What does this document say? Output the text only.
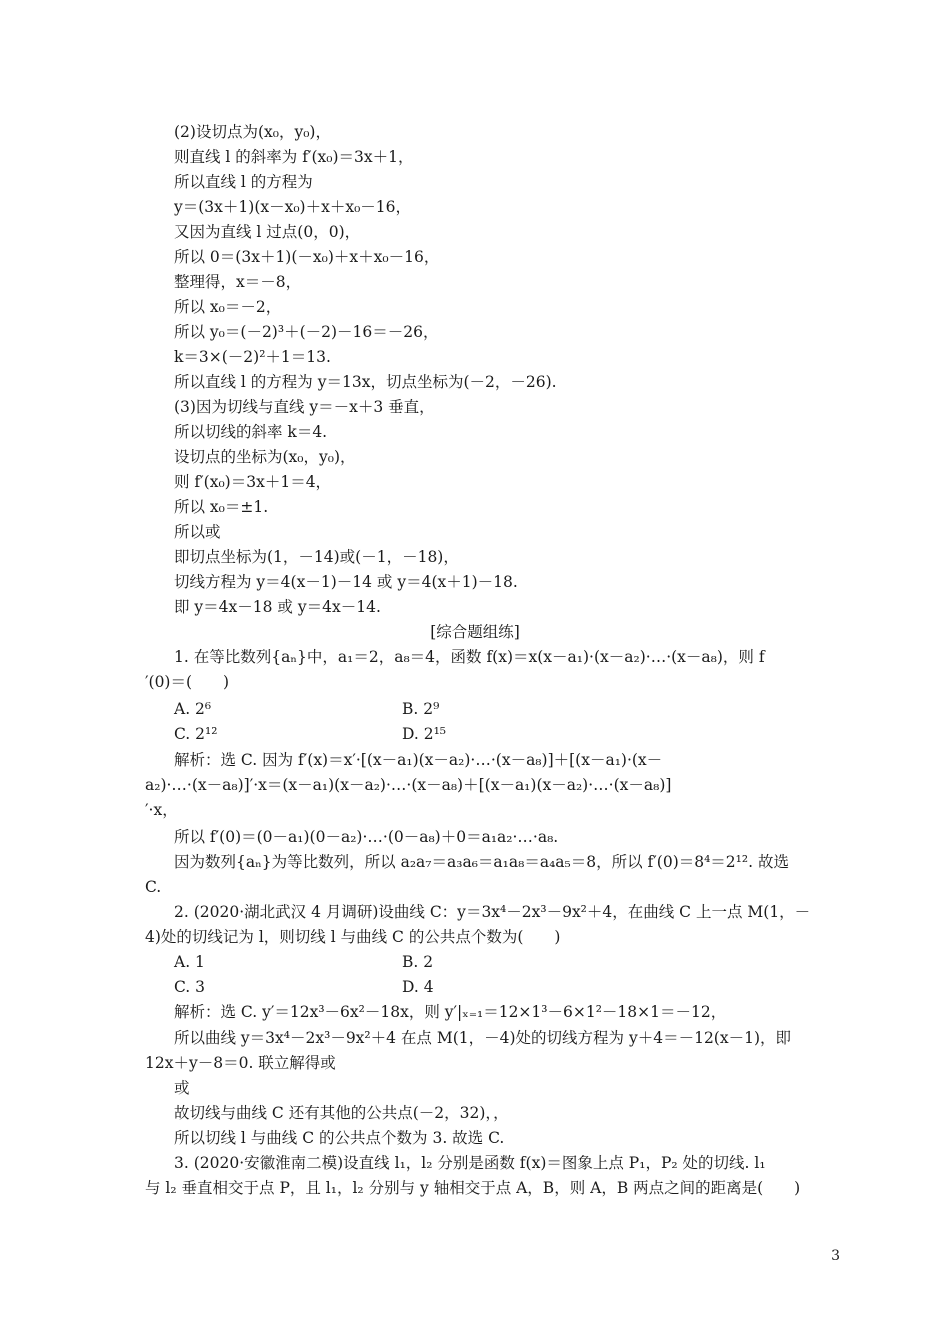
(2)设切点为(x₀，y₀)，
则直线 l 的斜率为 f′(x₀)＝3x＋1，
所以直线 l 的方程为
y＝(3x＋1)(x－x₀)＋x＋x₀－16，
又因为直线 l 过点(0，0)，
所以 0＝(3x＋1)(－x₀)＋x＋x₀－16，
整理得，x＝－8，
所以 x₀＝－2，
所以 y₀＝(－2)³＋(－2)－16＝－26，
k＝3×(－2)²＋1＝13.
所以直线 l 的方程为 y＝13x，切点坐标为(－2，－26).
(3)因为切线与直线 y＝－x＋3 垂直，
所以切线的斜率 k＝4.
设切点的坐标为(x₀，y₀)，
则 f′(x₀)＝3x＋1＝4，
所以 x₀＝±1.
所以或
即切点坐标为(1，－14)或(－1，－18)，
切线方程为 y＝4(x－1)－14 或 y＝4(x＋1)－18.
即 y＝4x－18 或 y＝4x－14.
[综合题组练]
1. 在等比数列{aₙ}中，a₁＝2，a₈＝4，函数 f(x)＝x(x－a₁)·(x－a₂)·…·(x－a₈)，则 f
′(0)＝(　　)

A. 2⁶

	B. 2⁹

C. 2¹²

	D. 2¹⁵

解析：选 C. 因为 f′(x)＝x′·[(x－a₁)(x－a₂)·…·(x－a₈)]＋[(x－a₁)·(x－
a₂)·…·(x－a₈)]′·x＝(x－a₁)(x－a₂)·…·(x－a₈)＋[(x－a₁)(x－a₂)·…·(x－a₈)]
′·x，
所以 f′(0)＝(0－a₁)(0－a₂)·…·(0－a₈)＋0＝a₁a₂·…·a₈.
因为数列{aₙ}为等比数列，所以 a₂a₇＝a₃a₆＝a₁a₈＝a₄a₅＝8，所以 f′(0)＝8⁴＝2¹². 故选
C.
2. (2020·湖北武汉 4 月调研)设曲线 C：y＝3x⁴－2x³－9x²＋4，在曲线 C 上一点 M(1，－
4)处的切线记为 l，则切线 l 与曲线 C 的公共点个数为(　　)

A. 1

	B. 2

C. 3

	D. 4

解析：选 C. y′＝12x³－6x²－18x，则 y′|ₓ₌₁＝12×1³－6×1²－18×1＝－12，
所以曲线 y＝3x⁴－2x³－9x²＋4 在点 M(1，－4)处的切线方程为 y＋4＝－12(x－1)，即
12x＋y－8＝0. 联立解得或
或
故切线与曲线 C 还有其他的公共点(－2，32)，，
所以切线 l 与曲线 C 的公共点个数为 3. 故选 C.
3. (2020·安徽淮南二模)设直线 l₁，l₂ 分别是函数 f(x)＝图象上点 P₁，P₂ 处的切线. l₁
与 l₂ 垂直相交于点 P，且 l₁，l₂ 分别与 y 轴相交于点 A，B，则 A，B 两点之间的距离是(　　)
3
